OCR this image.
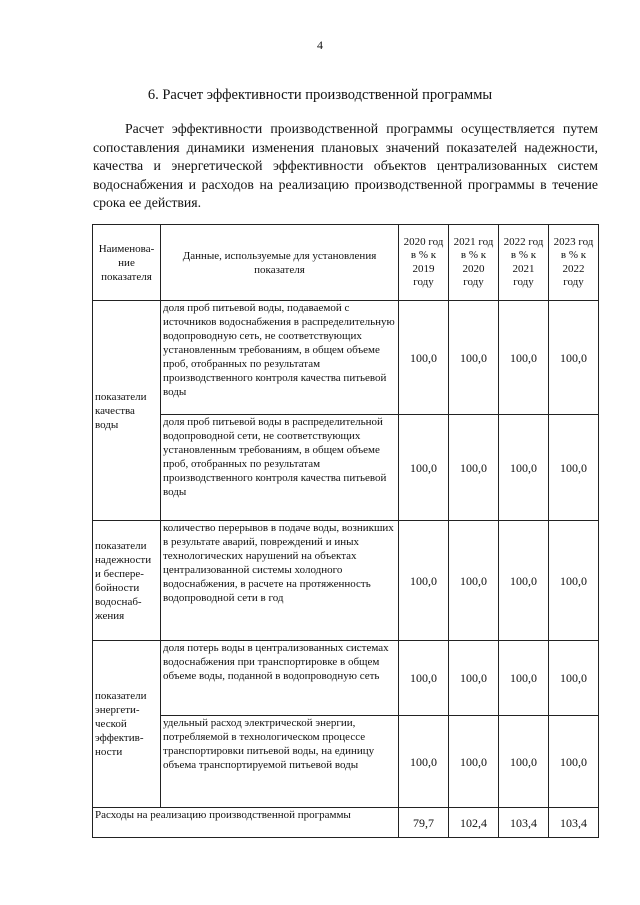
4
6. Расчет эффективности производственной программы
Расчет эффективности производственной программы осуществляется путем сопоставления динамики изменения плановых значений показателей надежности, качества и энергетической эффективности объектов централизованных систем водоснабжения и расходов на реализацию производственной программы в течение срока ее действия.
Наименова-ние показателя	Данные, используемые для установления показателя	2020 год в % к 2019 году	2021 год в % к 2020 году	2022 год в % к 2021 году	2023 год в % к 2022 году
показатели качества воды	доля проб питьевой воды, подаваемой с источников водоснабжения в распределительную водопроводную сеть, не соответствующих установленным требованиям, в общем объеме проб, отобранных по результатам производственного контроля качества питьевой воды	100,0	100,0	100,0	100,0
	доля проб питьевой воды в распределительной водопроводной сети, не соответствующих установленным требованиям, в общем объеме проб, отобранных по результатам производственного контроля качества питьевой воды	100,0	100,0	100,0	100,0
показатели надежности и беспере-бойности водоснаб-жения	количество перерывов в подаче воды, возникших в результате аварий, повреждений и иных технологических нарушений на объектах централизованной системы холодного водоснабжения, в расчете на протяженность водопроводной сети в год	100,0	100,0	100,0	100,0
показатели энергети-ческой эффектив-ности	доля потерь воды в централизованных системах водоснабжения при транспортировке в общем объеме воды, поданной в водопроводную сеть	100,0	100,0	100,0	100,0
	удельный расход электрической энергии, потребляемой в технологическом процессе транспортировки питьевой воды, на единицу объема транспортируемой питьевой воды	100,0	100,0	100,0	100,0
Расходы на реализацию производственной программы		79,7	102,4	103,4	103,4
